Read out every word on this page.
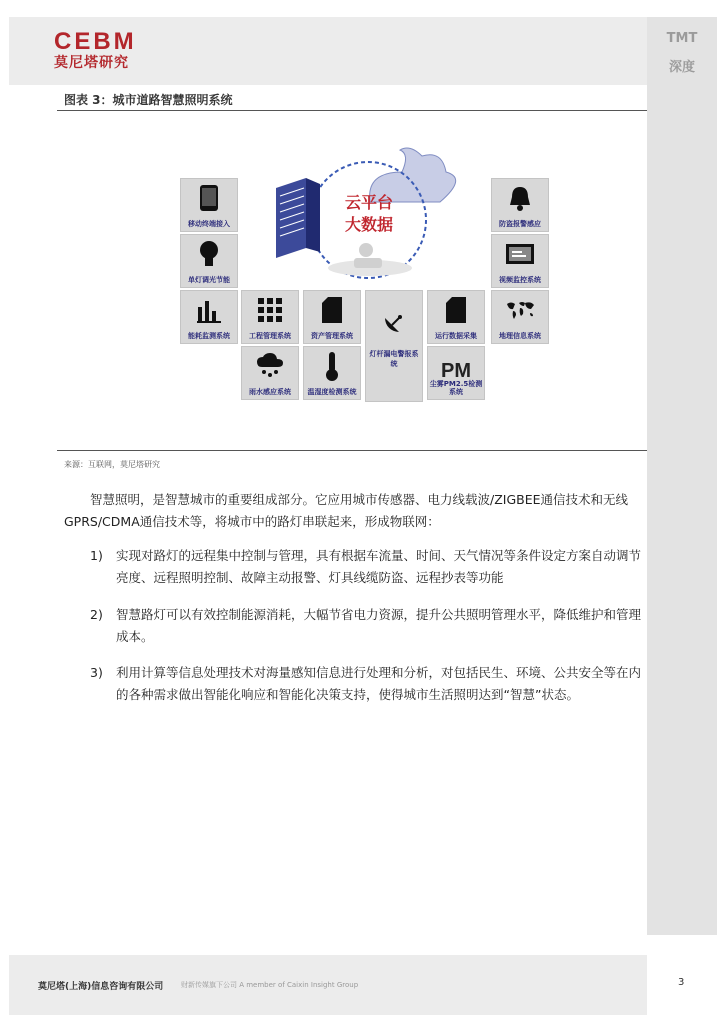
CEBM
莫尼塔研究
TMT
深度
图表 3：城市道路智慧照明系统
云平台
大数据
移动终端接入
单灯调光节能
能耗监测系统	工程管理系统	资产管理系统
灯杆漏电警报系统
运行数据采集	地理信息系统
防盗报警感应
视频监控系统
雨水感应系统	温湿度检测系统
PM
尘雾PM2.5检测系统
来源：互联网，莫尼塔研究

智慧照明，是智慧城市的重要组成部分。它应用城市传感器、电力线载波/ZIGBEE通信技术和无线GPRS/CDMA通信技术等，将城市中的路灯串联起来，形成物联网：

1)	实现对路灯的远程集中控制与管理，具有根据车流量、时间、天气情况等条件设定方案自动调节亮度、远程照明控制、故障主动报警、灯具线缆防盗、远程抄表等功能
2)	智慧路灯可以有效控制能源消耗，大幅节省电力资源，提升公共照明管理水平，降低维护和管理成本。
3)	利用计算等信息处理技术对海量感知信息进行处理和分析，对包括民生、环境、公共安全等在内的各种需求做出智能化响应和智能化决策支持，使得城市生活照明达到“智慧”状态。
莫尼塔(上海)信息咨询有限公司	财新传媒旗下公司 A member of Caixin Insight Group	3
